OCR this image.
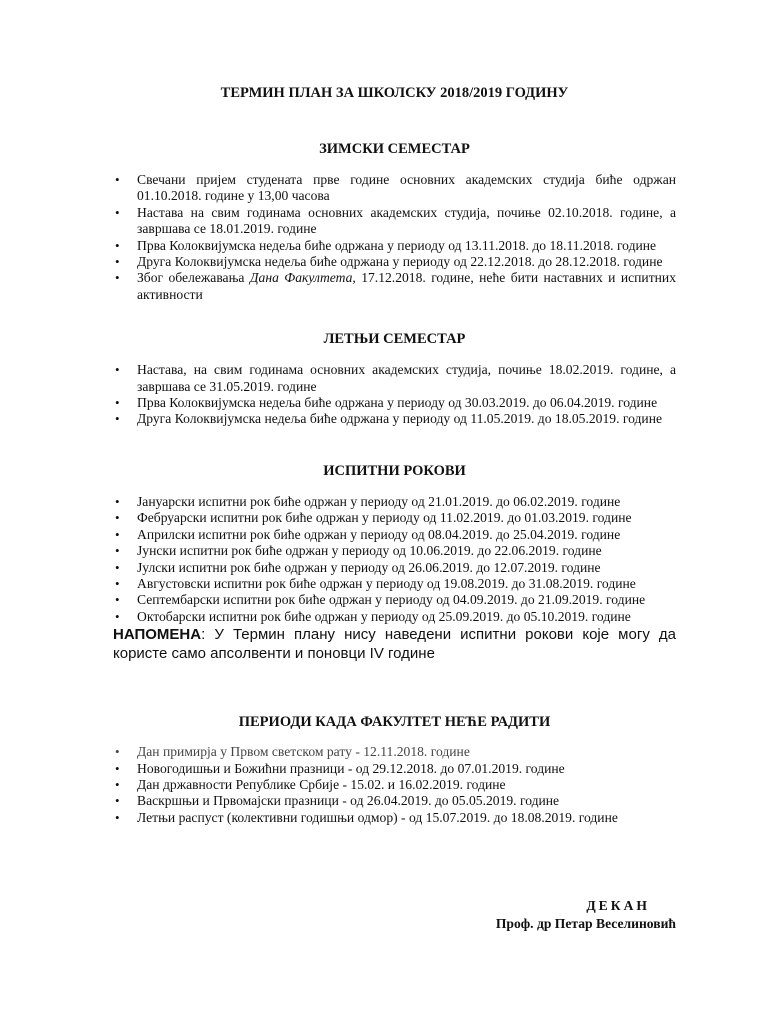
ТЕРМИН ПЛАН ЗА ШКОЛСКУ 2018/2019 ГОДИНУ
ЗИМСКИ СЕМЕСТАР
• Свечани пријем студената прве године основних академских студија биће одржан 01.10.2018. године у 13,00 часова
• Настава на свим годинама основних академских студија, почиње 02.10.2018. године, а завршава се 18.01.2019. године
• Прва Колоквијумска недеља биће одржана у периоду од 13.11.2018. до 18.11.2018. године
• Друга Колоквијумска недеља биће одржана у периоду од 22.12.2018. до 28.12.2018. године
• Због обележавања Дана Факултета, 17.12.2018. године, неће бити наставних и испитних активности
ЛЕТЊИ СЕМЕСТАР
• Настава, на свим годинама основних академских студија, почиње 18.02.2019. године, а завршава се 31.05.2019. године
• Прва Колоквијумска недеља биће одржана у периоду од 30.03.2019. до 06.04.2019. године
• Друга Колоквијумска недеља биће одржана у периоду од 11.05.2019. до 18.05.2019. године
ИСПИТНИ РОКОВИ
• Јануарски испитни рок биће одржан у периоду од 21.01.2019. до 06.02.2019. године
• Фебруарски испитни рок биће одржан у периоду од 11.02.2019. до 01.03.2019. године
• Априлски испитни рок биће одржан у периоду од 08.04.2019. до 25.04.2019. године
• Јунски испитни рок биће одржан у периоду од 10.06.2019. до 22.06.2019. године
• Јулски испитни рок биће одржан у периоду од 26.06.2019. до 12.07.2019. године
• Августовски испитни рок биће одржан у периоду од 19.08.2019. до 31.08.2019. године
• Септембарски испитни рок биће одржан у периоду од 04.09.2019. до 21.09.2019. године
• Октобарски испитни рок биће одржан у периоду од 25.09.2019. до 05.10.2019. године

НАПОМЕНА: У Термин плану нису наведени испитни рокови које могу да користе само апсолвенти и поновци IV године

ПЕРИОДИ КАДА ФАКУЛТЕТ НЕЋЕ РАДИТИ
• Дан примирја у Првом светском рату - 12.11.2018. године
• Новогодишњи и Божићни празници - од 29.12.2018. до 07.01.2019. године
• Дан државности Републике Србије - 15.02. и 16.02.2019. године
• Васкршњи и Првомајски празници - од 26.04.2019. до 05.05.2019. године
• Летњи распуст (колективни годишњи одмор) - од 15.07.2019. до 18.08.2019. године
ДЕКАН
Проф. др Петар Веселиновић
